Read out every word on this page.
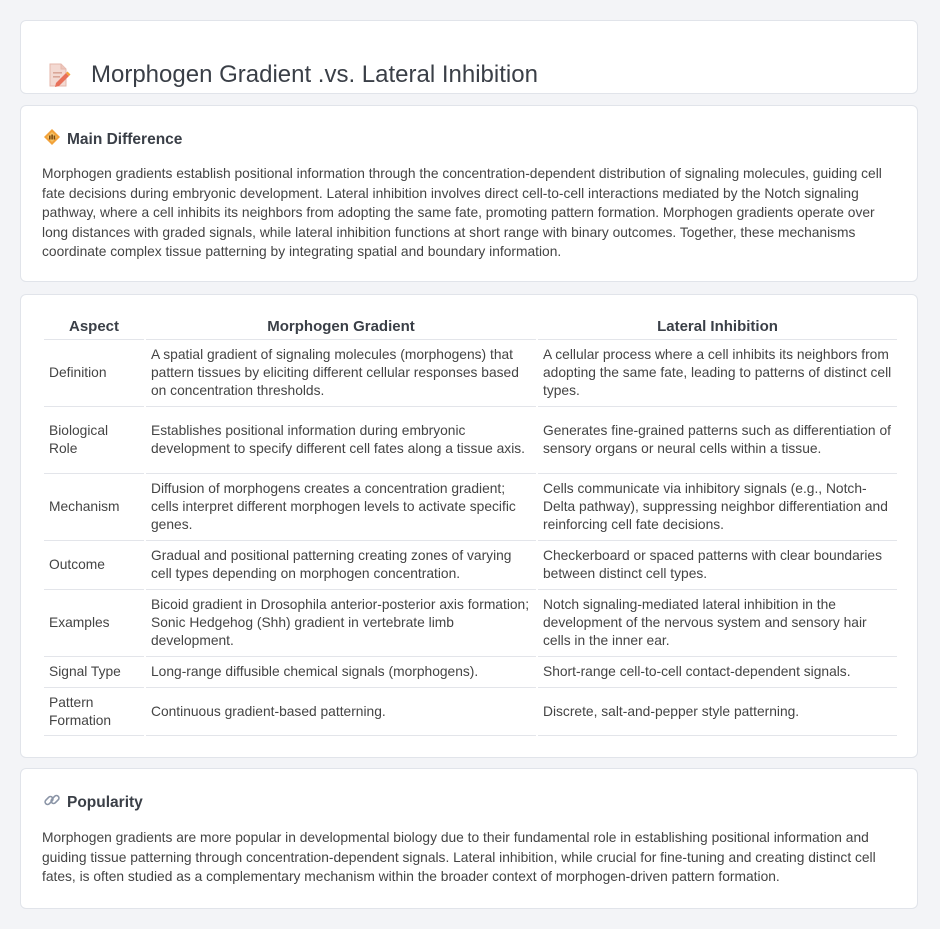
Morphogen Gradient .vs. Lateral Inhibition
Main Difference

Morphogen gradients establish positional information through the concentration-dependent distribution of signaling molecules, guiding cell fate decisions during embryonic development. Lateral inhibition involves direct cell-to-cell interactions mediated by the Notch signaling pathway, where a cell inhibits its neighbors from adopting the same fate, promoting pattern formation. Morphogen gradients operate over long distances with graded signals, while lateral inhibition functions at short range with binary outcomes. Together, these mechanisms coordinate complex tissue patterning by integrating spatial and boundary information.

Aspect	Morphogen Gradient	Lateral Inhibition
Definition	A spatial gradient of signaling molecules (morphogens) that pattern tissues by eliciting different cellular responses based on concentration thresholds.	A cellular process where a cell inhibits its neighbors from adopting the same fate, leading to patterns of distinct cell types.
Biological Role	Establishes positional information during embryonic development to specify different cell fates along a tissue axis.	Generates fine-grained patterns such as differentiation of sensory organs or neural cells within a tissue.
Mechanism	Diffusion of morphogens creates a concentration gradient; cells interpret different morphogen levels to activate specific genes.	Cells communicate via inhibitory signals (e.g., Notch-Delta pathway), suppressing neighbor differentiation and reinforcing cell fate decisions.
Outcome	Gradual and positional patterning creating zones of varying cell types depending on morphogen concentration.	Checkerboard or spaced patterns with clear boundaries between distinct cell types.
Examples	Bicoid gradient in Drosophila anterior-posterior axis formation; Sonic Hedgehog (Shh) gradient in vertebrate limb development.	Notch signaling-mediated lateral inhibition in the development of the nervous system and sensory hair cells in the inner ear.
Signal Type	Long-range diffusible chemical signals (morphogens).	Short-range cell-to-cell contact-dependent signals.
Pattern Formation	Continuous gradient-based patterning.	Discrete, salt-and-pepper style patterning.
Popularity

Morphogen gradients are more popular in developmental biology due to their fundamental role in establishing positional information and guiding tissue patterning through concentration-dependent signals. Lateral inhibition, while crucial for fine-tuning and creating distinct cell fates, is often studied as a complementary mechanism within the broader context of morphogen-driven pattern formation.
